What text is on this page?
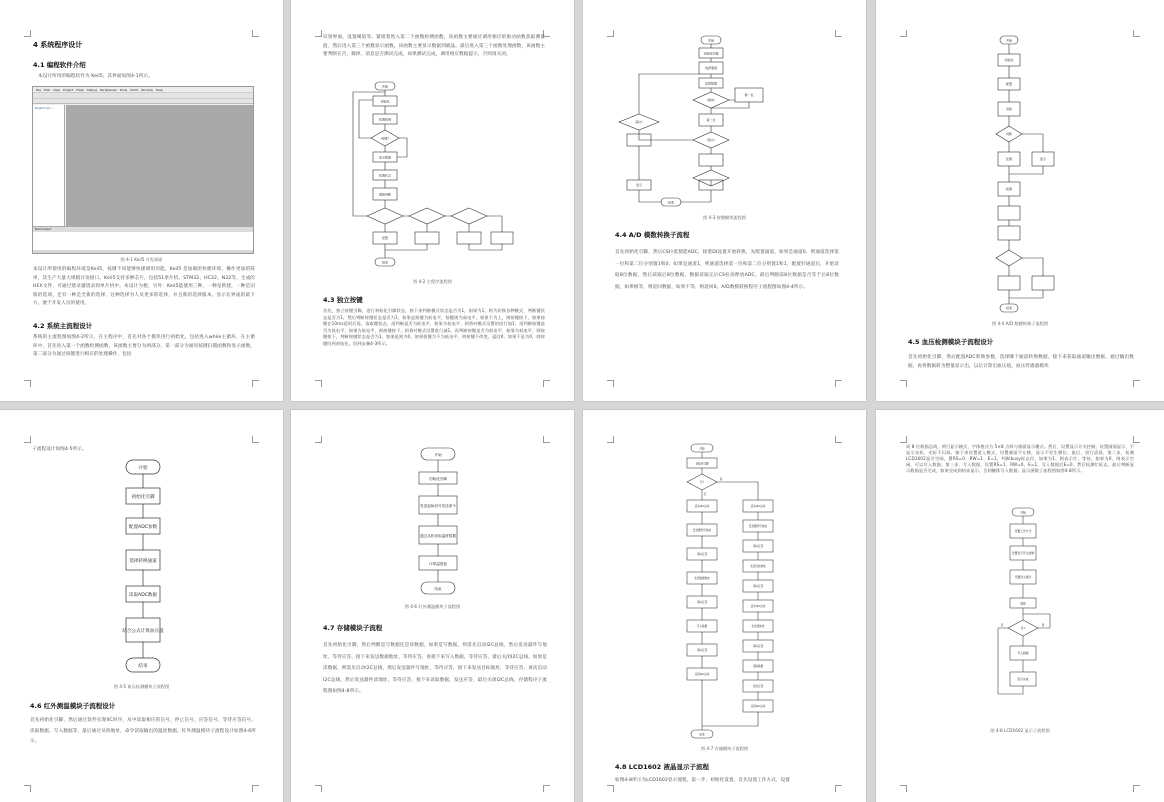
4 系统程序设计
4.1 编程软件介绍
本设计所用的编程软件为 Keil5，其界面如图4-1所示。
File Edit View Project Flash Debug Peripherals Tools SVCS Window Help
Project: Lcd ...
Build Output
图 4-1 Keil5 开发界面
本设计所使用的编程环境是Keil5，按键不同能够快捷调用功能。Keil5 是加载的快捷环境，操作更加的简单，其生产大量大规模开发接口。Keil5支持多种芯片，包括51单片机、STM32、HC32、N32等，生成的HEX文件，可通过烧录器烧录到单片机中。本设计为便，另外：Keil5能使用三种，一种是新建，一种是旧版的选项，还有一种是全新的选择，这种选择为人员更多的选择，并且新的选择版本，显示在界面的最下方，便于开发人员的使用。
4.2 系统主流程设计
系统的主流程图如图4-2所示，在主程序中，首先对各个模块进行初始化，包括进入while主循环，在主循环中，首先进入第一个函数检测函数，该函数主要分为两部分，第一部分为通用按键扫描函数和显示函数，第二部分为通过按键进行相应的处理操作，包括
识别界面，设置阈值等。紧接着进入第二个函数检测函数，该函数主要通过调用相应的驱动函数获取测量值，然后进入第三个函数显示函数，该函数主要显示数据到液晶。最后进入第三个函数处理函数，该函数主要判断在否，微掉、消息是否测试完成，如果测试完成，调用相应数据提示，否则再关闭。
开始
初始化
检测按键
按键?
显示数据
检测状态
阈值判断
报警
结束
图 4-2 主程序流程图
4.3 独立按键
首先，独立按键引脚，进行初始化引脚状态，接下来判断模式状态是否为1，如果为1，则为切换各种模式，判断键状态是否为1，然后判断按键状态是否为1，如果是按键为低电平，按键则为高电平，如果不为上，则按键按下，如果按键在10ms延时后再，读取键状态，再判断是否为低电平，如果为低电平，则将对模式设置的进行加1，再判断按键是否为低电平，如果为低电平，则按键按下，则将对模式设置进行减1，再判断按键是否为低电平，如果为低电平，则按键按下，判断按键状态是否为1，如果是则为0，如果按键为不为低电平，则按键不改变，返回0，如果不是为0，则按键回到初始化，回到步骤4-3所示。
开始
初始化引脚
选择通道
转换?
读取数据
第一位
第二位
高位?
低位?
显示
结束
图 4-3 按键模块流程图
4.4 A/D 模数转换子流程
首先初始化引脚，然后CS拉低使能ADC，接着DI设置开始转换，先配置通道，如果是通道0，则通道选择第一位和第二位分别置1和0；如果是通道1，则通道选择第一位和第二位分别置1和1，配置好通道后，开始读取8位数据，然后读取后8位数据，数据读取完后CS拉高释放ADC，最后判断前8位数据是否等于后8位数据，如果相等，则返回数据，如果不等，则返回0。A/D数模转换程序子流程图如图4-4所示。
开始
初始化
配置
读取
判断
处理	显示
检测
结束
图 4-4 A/D 数模转换子流程图
4.5 血压检测模块子流程设计
首先初始化引脚，然后配置ADC转换参数，选择哪个通道转换数据，接下来获取通道输出数据，通过输出数据，再将数据转为整值显示出，以后计算出血压值，血压传感器模块
子流程设计如图4-5所示。
开始
初始化引脚
配置ADC参数
选择转换通道
读取ADC数据
结合公式计算血压值
结束
图 4-5 血压检测模块子流程图
4.6 红外测温模块子流程设计
首先初始化引脚，然后通过软件实现IIC时序，从中读取相应的信号，停止信号、应答信号、等待应答信号、读取数据、写入数据等，最后通过从机地址，命令读取输出的温度数据。红外测温模块子流程设计如图4-6所示。
开始
初始化引脚
发送起始信号发送命令
通过从机读取温度数据
计算温度值
结束
图 4-6 红外测温模块子流程图
4.7 存储模块子流程
首先初始化引脚，然后判断是写数据还是读数据，如果是写数据，则需先启动I2C总线，然后发送器件写地址，等待应答，接下来发送数据地址，等待应答，再接下来写入数据，等待应答，最后关闭I2C总线。如果是读数据，则需先启动I2C总线，然后发送器件写地址，等待应答，接下来发送目标地址，等待应答，再次启动I2C总线，然后发送器件读地址，等待应答，接下来读取数据，发送应答，最后关闭I2C总线，存储程序子流程图如图4-8所示。
开始
初始化引脚
写?
是
否
结束
启动I2C总线
发送器件写地址
等待应答
发送数据地址
等待应答
写入数据
等待应答
关闭I2C总线
启动I2C总线
发送器件写地址
等待应答
发送目标地址
等待应答
启动I2C总线
发送读地址
等待应答
读取数据
发送应答
关闭I2C总线
图 4-7 存储模块子流程图
4.8 LCD1602 液晶显示子流程
如图4-8所示为LCD1602显示流程，第一步，初始化设置，首先设置工作方式，设置
成 8 位数据总线，两行显示模式，字体格式为 5×8 点阵与画面显示模式。然后，设置显示开关控制，设置画面显示、不显示光标、光标不闪烁。接下来设置进入模式，设置画面不左移，显示不发生移位。最后，进行清屏，第二步，检测LCD1602是否空闲，置RS=0、RW=1、E=1，判断busy标志位，如果为1，则表示忙，等待，如果为0，则表示空闲，可以写入数据。第三步，写入数据，设置RS=1、RW=0、E=1，写入数据后E=0，然后检测忙标志，最后判断显示数据是否完成，如果完成则结束显示，否则继续写入数据。显示函数子流程图如图4-8所示。
开始
设置工作方式
设置显示开关控制
设置进入模式
清屏
忙?
写入数据
显示完成
是
否
图 4-8 LCD1602 显示子流程图
